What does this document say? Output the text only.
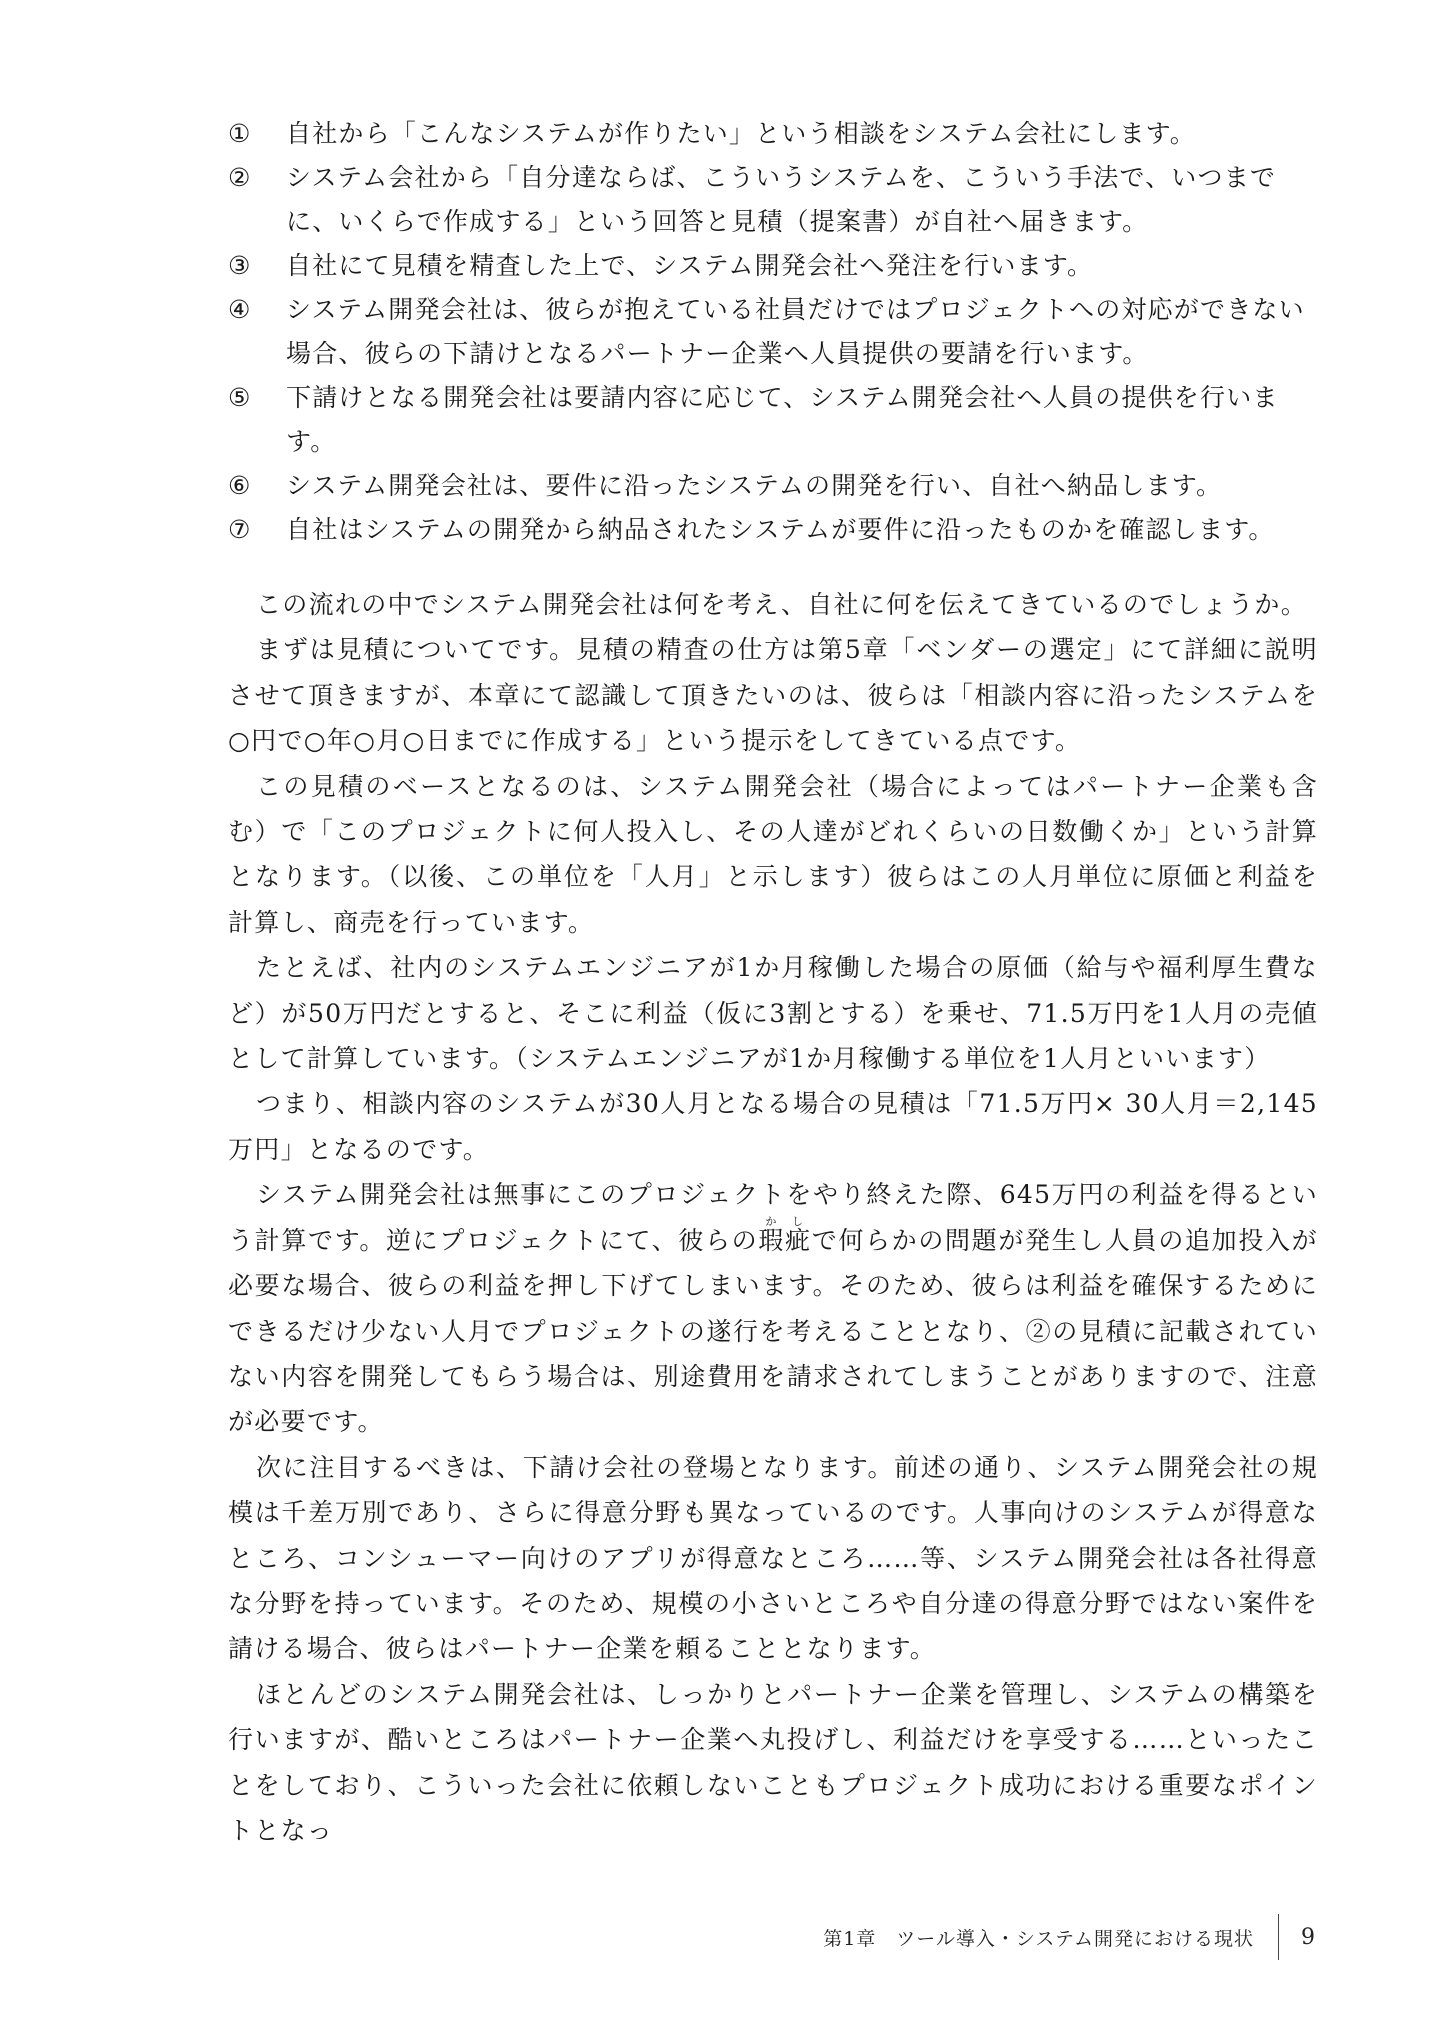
①	自社から「こんなシステムが作りたい」という相談をシステム会社にします。
②	システム会社から「自分達ならば、こういうシステムを、こういう手法で、いつまでに、いくらで作成する」という回答と見積（提案書）が自社へ届きます。
③	自社にて見積を精査した上で、システム開発会社へ発注を行います。
④	システム開発会社は、彼らが抱えている社員だけではプロジェクトへの対応ができない場合、彼らの下請けとなるパートナー企業へ人員提供の要請を行います。
⑤	下請けとなる開発会社は要請内容に応じて、システム開発会社へ人員の提供を行います。
⑥	システム開発会社は、要件に沿ったシステムの開発を行い、自社へ納品します。
⑦	自社はシステムの開発から納品されたシステムが要件に沿ったものかを確認します。

この流れの中でシステム開発会社は何を考え、自社に何を伝えてきているのでしょうか。

まずは見積についてです。見積の精査の仕方は第5章「ベンダーの選定」にて詳細に説明させて頂きますが、本章にて認識して頂きたいのは、彼らは「相談内容に沿ったシステムを○円で○年○月○日までに作成する」という提示をしてきている点です。

この見積のベースとなるのは、システム開発会社（場合によってはパートナー企業も含む）で「このプロジェクトに何人投入し、その人達がどれくらいの日数働くか」という計算となります。（以後、この単位を「人月」と示します）彼らはこの人月単位に原価と利益を計算し、商売を行っています。

たとえば、社内のシステムエンジニアが1か月稼働した場合の原価（給与や福利厚生費など）が50万円だとすると、そこに利益（仮に3割とする）を乗せ、71.5万円を1人月の売値として計算しています。（システムエンジニアが1か月稼働する単位を1人月といいます）

つまり、相談内容のシステムが30人月となる場合の見積は「71.5万円× 30人月＝2,145万円」となるのです。

システム開発会社は無事にこのプロジェクトをやり終えた際、645万円の利益を得るという計算です。逆にプロジェクトにて、彼らの瑕か疵しで何らかの問題が発生し人員の追加投入が必要な場合、彼らの利益を押し下げてしまいます。そのため、彼らは利益を確保するためにできるだけ少ない人月でプロジェクトの遂行を考えることとなり、②の見積に記載されていない内容を開発してもらう場合は、別途費用を請求されてしまうことがありますので、注意が必要です。

次に注目するべきは、下請け会社の登場となります。前述の通り、システム開発会社の規模は千差万別であり、さらに得意分野も異なっているのです。人事向けのシステムが得意なところ、コンシューマー向けのアプリが得意なところ……等、システム開発会社は各社得意な分野を持っています。そのため、規模の小さいところや自分達の得意分野ではない案件を請ける場合、彼らはパートナー企業を頼ることとなります。

ほとんどのシステム開発会社は、しっかりとパートナー企業を管理し、システムの構築を行いますが、酷いところはパートナー企業へ丸投げし、利益だけを享受する……といったことをしており、こういった会社に依頼しないこともプロジェクト成功における重要なポイントとなっ

第1章　ツール導入・システム開発における現状	9
